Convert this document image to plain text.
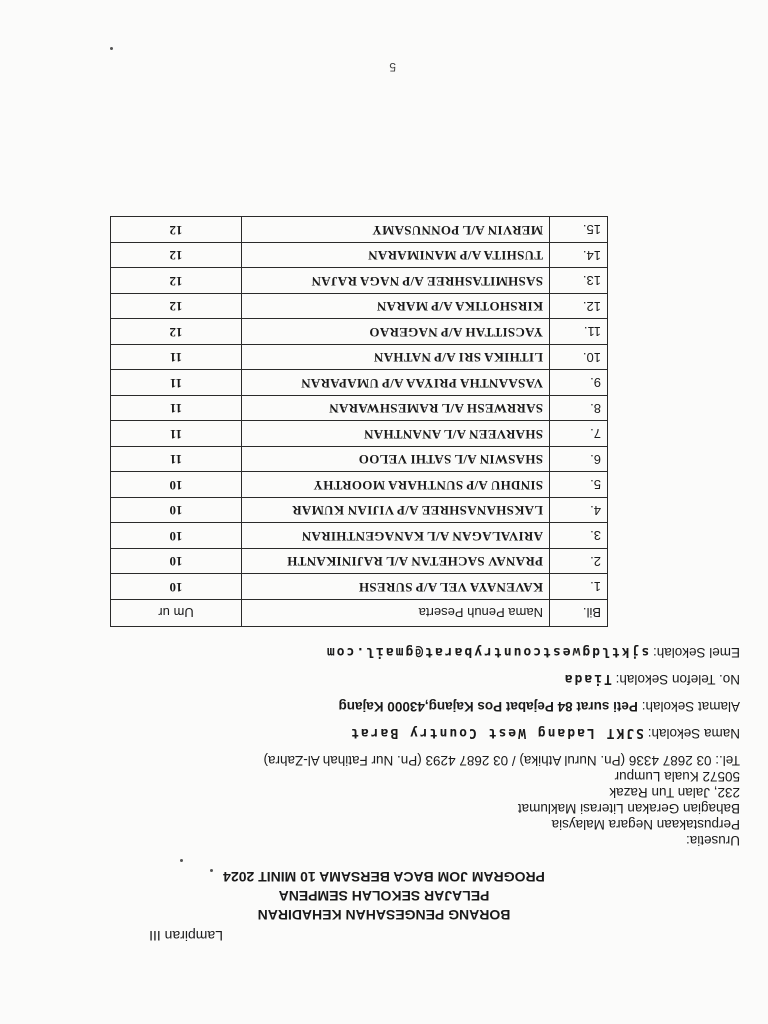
Lampiran III
BORANG PENGESAHAN KEHADIRAN
PELAJAR SEKOLAH SEMPENA
PROGRAM JOM BACA BERSAMA 10 MINIT 2024
Urusetia:
Perpustakaan Negara Malaysia
Bahagian Gerakan Literasi Maklumat
232, Jalan Tun Razak
50572 Kuala Lumpur
Tel.: 03 2687 4336 (Pn. Nurul Athika) / 03 2687 4293 (Pn. Nur Fatihah Al-Zahra)
Nama Sekolah: SJKT Ladang West Country Barat
Alamat Sekolah: Peti surat 84 Pejabat Pos Kajang,43000 Kajang
No. Telefon Sekolah: Tiada
Emel Sekolah: sjktldgwestcountrybarat@gmail.com
Bil.	Nama Penuh Peserta	Um ur
1.	KAVENAYA VEL A/P SURESH	10
2.	PRANAV SACHETAN A/L RAJINIKANTH	10
3.	ARIVALAGAN A/L KANAGENTHIRAN	10
4.	LAKSHANASHREE A/P VIJIAN KUMAR	10
5.	SINDHU A/P SUNTHARA MOORTHY	10
6.	SHASWIN A/L SATHI VELOO	11
7.	SHARVEEN A/L ANANTHAN	11
8.	SARRWESH A/L RAMESHWARAN	11
9.	VASAANTHA PRIYAA A/P UMAPARAN	11
10.	LITHIKA SRI A/P NATHAN	11
11.	YACSITTAH A/P NAGERAO	12
12.	KIRSHOTIKA A/P MARAN	12
13.	SASHMITASHREE A/P NAGA RAJAN	12
14.	TUSHITA A/P MANIMARAN	12
15.	MERVIN A/L PONNUSAMY	12
5
